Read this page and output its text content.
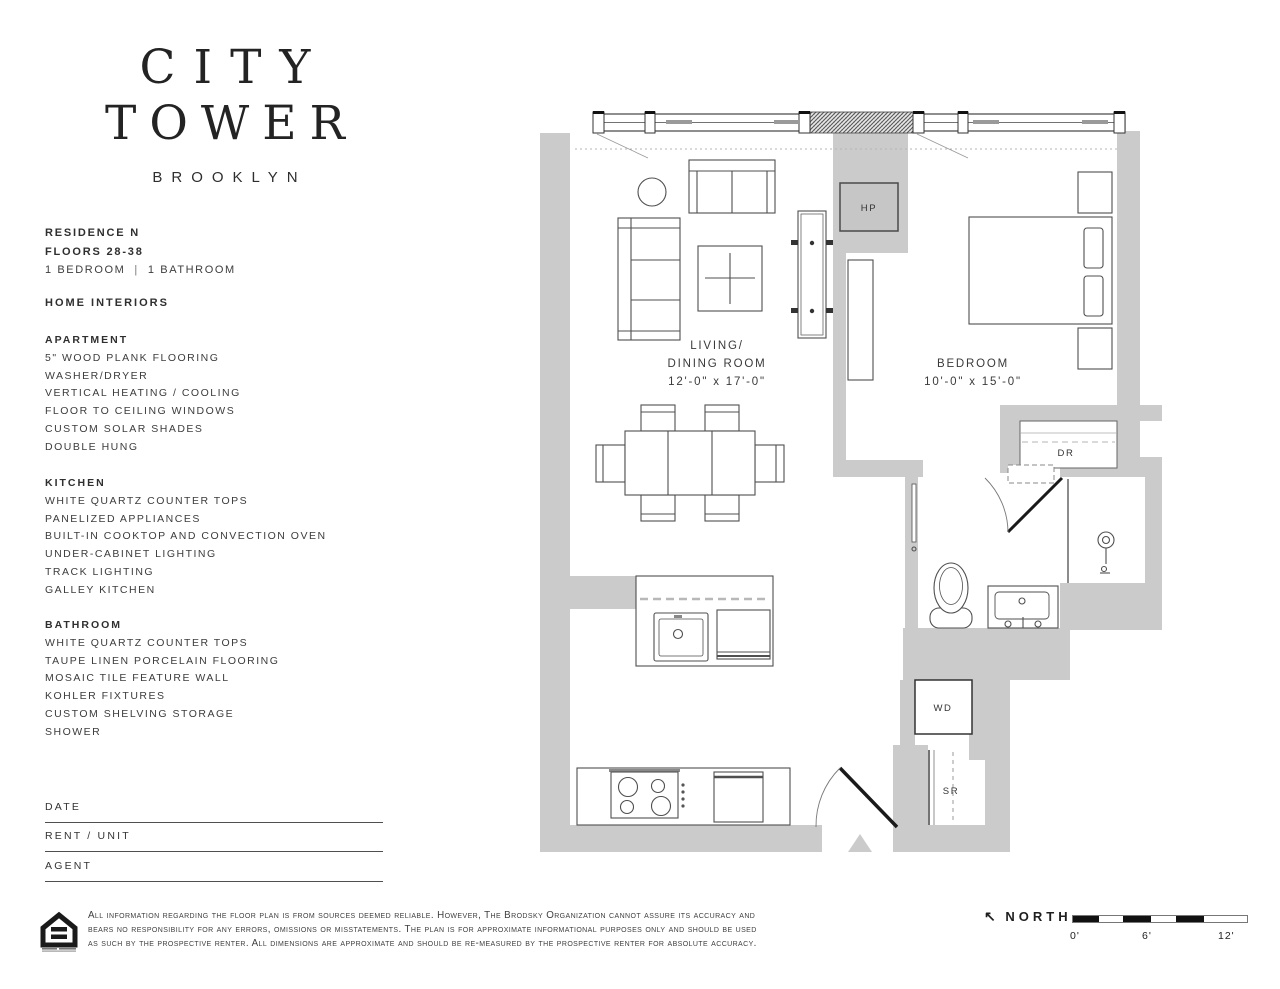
CITY
TOWER
BROOKLYN
RESIDENCE N
FLOORS 28-38
1 BEDROOM | 1 BATHROOM
HOME INTERIORS
APARTMENT
5" WOOD PLANK FLOORING
WASHER/DRYER
VERTICAL HEATING / COOLING
FLOOR TO CEILING WINDOWS
CUSTOM SOLAR SHADES
DOUBLE HUNG
KITCHEN
WHITE QUARTZ COUNTER TOPS
PANELIZED APPLIANCES
BUILT-IN COOKTOP AND CONVECTION OVEN
UNDER-CABINET LIGHTING
TRACK LIGHTING
GALLEY KITCHEN
BATHROOM
WHITE QUARTZ COUNTER TOPS
TAUPE LINEN PORCELAIN FLOORING
MOSAIC TILE FEATURE WALL
KOHLER FIXTURES
CUSTOM SHELVING STORAGE
SHOWER
DATE
RENT / UNIT
AGENT
LIVING/
DINING ROOM
12'-0" x 17'-0"
BEDROOM
10'-0" x 15'-0"
HP
DR
WD
SR
All information regarding the floor plan is from sources deemed reliable. However, The Brodsky Organization cannot assure its accuracy and
bears no responsibility for any errors, omissions or misstatements. The plan is for approximate informational purposes only and should be used
as such by the prospective renter. All dimensions are approximate and should be re-measured by the prospective renter for absolute accuracy.
↖ NORTH
0'	6'	12'
